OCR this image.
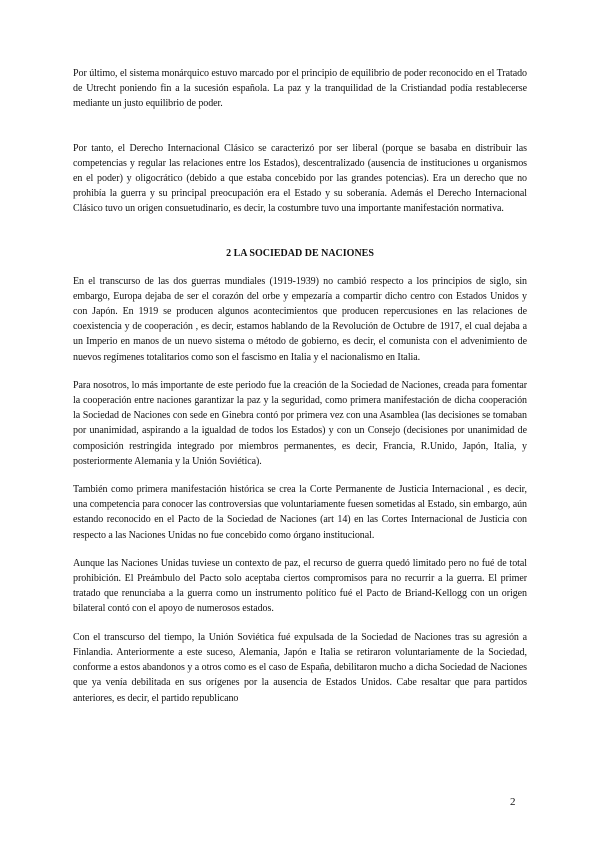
Por último, el sistema monárquico estuvo marcado por el principio de equilibrio de poder reconocido en el Tratado de Utrecht poniendo fin a la sucesión española. La paz y la tranquilidad de la Cristiandad podía restablecerse mediante un justo equilibrio de poder.

Por tanto, el Derecho Internacional Clásico se caracterizó por ser liberal (porque se basaba en distribuir las competencias y regular las relaciones entre los Estados), descentralizado (ausencia de instituciones u organismos en el poder) y oligocrático (debido a que estaba concebido por las grandes potencias). Era un derecho que no prohibía la guerra y su principal preocupación era el Estado y su soberanía. Además el Derecho Internacional Clásico tuvo un origen consuetudinario, es decir, la costumbre tuvo una importante manifestación normativa.

2 LA SOCIEDAD DE NACIONES

En el transcurso de las dos guerras mundiales (1919-1939) no cambió respecto a los principios de siglo, sin embargo, Europa dejaba de ser el corazón del orbe y empezaría a compartir dicho centro con Estados Unidos y con Japón. En 1919 se producen algunos acontecimientos que producen repercusiones en las relaciones de coexistencia y de cooperación , es decir, estamos hablando de la Revolución de Octubre de 1917, el cual dejaba a un Imperio en manos de un nuevo sistema o método de gobierno, es decir, el comunista con el advenimiento de nuevos regímenes totalitarios como son el fascismo en Italia y el nacionalismo en Italia.

Para nosotros, lo más importante de este periodo fue la creación de la Sociedad de Naciones, creada para fomentar la cooperación entre naciones garantizar la paz y la seguridad, como primera manifestación de dicha cooperación la Sociedad de Naciones con sede en Ginebra contó por primera vez con una Asamblea (las decisiones se tomaban por unanimidad, aspirando a la igualdad de todos los Estados) y con un Consejo (decisiones por unanimidad de composición restringida integrado por miembros permanentes, es decir, Francia, R.Unido, Japón, Italia, y posteriormente Alemania y la Unión Soviética).

También como primera manifestación histórica se crea la Corte Permanente de Justicia Internacional , es decir, una competencia para conocer las controversias que voluntariamente fuesen sometidas al Estado, sin embargo, aún estando reconocido en el Pacto de la Sociedad de Naciones (art 14) en las Cortes Internacional de Justicia con respecto a las Naciones Unidas no fue concebido como órgano institucional.

Aunque las Naciones Unidas tuviese un contexto de paz, el recurso de guerra quedó limitado pero no fué de total prohibición. El Preámbulo del Pacto solo aceptaba ciertos compromisos para no recurrir a la guerra. El primer tratado que renunciaba a la guerra como un instrumento político fué el Pacto de Briand-Kellogg con un origen bilateral contó con el apoyo de numerosos estados.

Con el transcurso del tiempo, la Unión Soviética fué expulsada de la Sociedad de Naciones tras su agresión a Finlandia. Anteriormente a este suceso, Alemania, Japón e Italia se retiraron voluntariamente de la Sociedad, conforme a estos abandonos y a otros como es el caso de España, debilitaron mucho a dicha Sociedad de Naciones que ya venía debilitada en sus orígenes por la ausencia de Estados Unidos. Cabe resaltar que para partidos anteriores, es decir, el partido republicano

2
